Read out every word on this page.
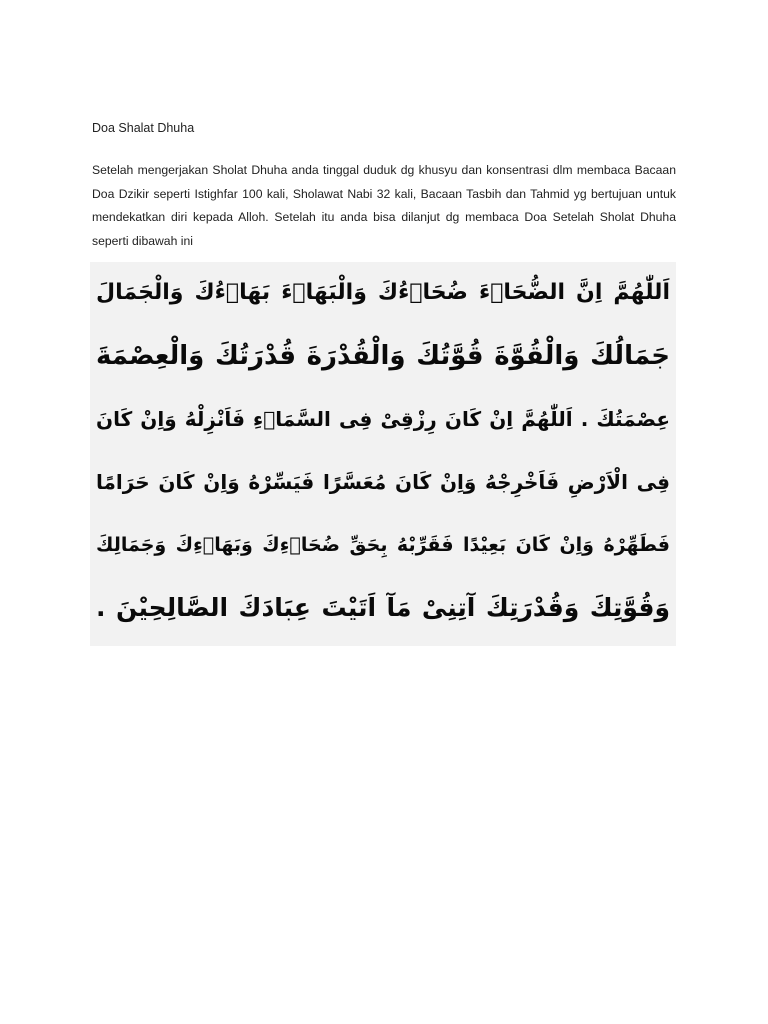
Doa Shalat Dhuha

Setelah mengerjakan Sholat Dhuha anda tinggal duduk dg khusyu dan konsentrasi dlm membaca Bacaan Doa Dzikir seperti Istighfar 100 kali, Sholawat Nabi 32 kali, Bacaan Tasbih dan Tahmid yg bertujuan untuk mendekatkan diri kepada Alloh. Setelah itu anda bisa dilanjut dg membaca Doa Setelah Sholat Dhuha seperti dibawah ini

اَللّٰهُمَّ اِنَّ الضُّحَاۤءَ ضُحَاۤءُكَ وَالْبَهَاۤءَ بَهَاۤءُكَ وَالْجَمَالَ
جَمَالُكَ وَالْقُوَّةَ قُوَّتُكَ وَالْقُدْرَةَ قُدْرَتُكَ وَالْعِصْمَةَ
عِصْمَتُكَ . اَللّٰهُمَّ اِنْ كَانَ رِزْقِىْ فِى السَّمَاۤءِ فَاَنْزِلْهُ وَاِنْ كَانَ
فِى الْاَرْضِ فَاَخْرِجْهُ وَاِنْ كَانَ مُعَسَّرًا فَيَسِّرْهُ وَاِنْ كَانَ حَرَامًا
فَطَهِّرْهُ وَاِنْ كَانَ بَعِيْدًا فَقَرِّبْهُ بِحَقِّ ضُحَاۤءِكَ وَبَهَاۤءِكَ وَجَمَالِكَ
وَقُوَّتِكَ وَقُدْرَتِكَ آتِنِىْ مَآ اَتَيْتَ عِبَادَكَ الصَّالِحِيْنَ .
